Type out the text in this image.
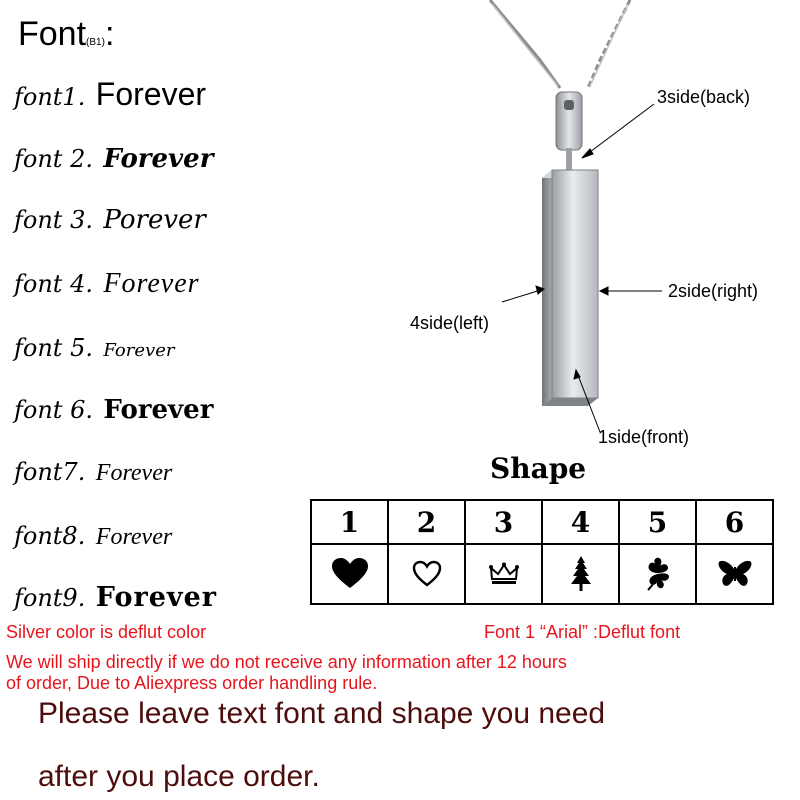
Font(B1):
font1. Forever
font 2. Forever
font 3. Porever
font 4. Forever
font 5. Forever
font 6. Forever
font7. Forever
font8. Forever
font9. Forever
3side(back)
2side(right)
4side(left)
1side(front)
Shape
1	2	3	4	5	6

Silver color is deflut color	Font 1 “Arial” :Deflut font
We will ship directly if we do not receive any information after 12 hours
of order, Due to Aliexpress order handling rule.
Please leave text font and shape you need
after you place order.
